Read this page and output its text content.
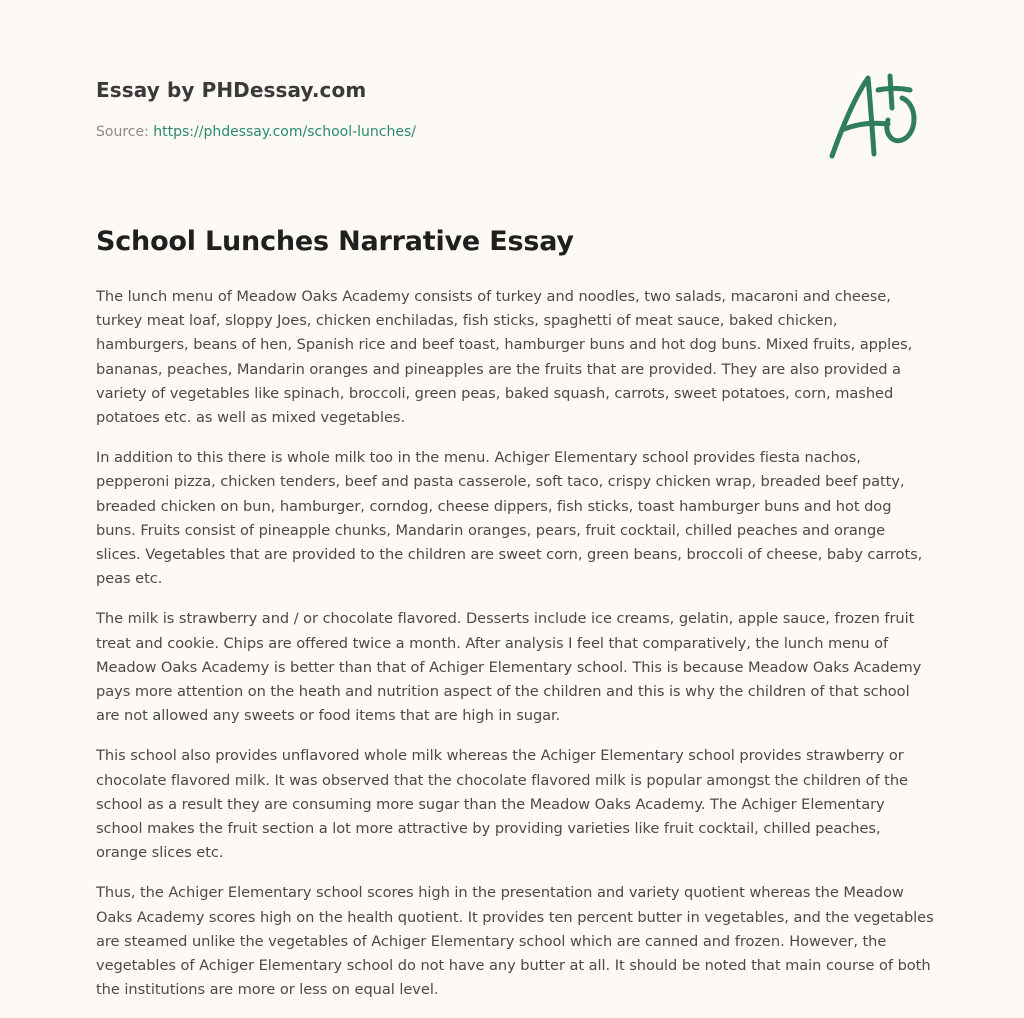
Essay by PHDessay.com
Source: https://phdessay.com/school-lunches/
School Lunches Narrative Essay

The lunch menu of Meadow Oaks Academy consists of turkey and noodles, two salads, macaroni and cheese, turkey meat loaf, sloppy Joes, chicken enchiladas, fish sticks, spaghetti of meat sauce, baked chicken, hamburgers, beans of hen, Spanish rice and beef toast, hamburger buns and hot dog buns. Mixed fruits, apples, bananas, peaches, Mandarin oranges and pineapples are the fruits that are provided. They are also provided a variety of vegetables like spinach, broccoli, green peas, baked squash, carrots, sweet potatoes, corn, mashed potatoes etc. as well as mixed vegetables.

In addition to this there is whole milk too in the menu. Achiger Elementary school provides fiesta nachos, pepperoni pizza, chicken tenders, beef and pasta casserole, soft taco, crispy chicken wrap, breaded beef patty, breaded chicken on bun, hamburger, corndog, cheese dippers, fish sticks, toast hamburger buns and hot dog buns. Fruits consist of pineapple chunks, Mandarin oranges, pears, fruit cocktail, chilled peaches and orange slices. Vegetables that are provided to the children are sweet corn, green beans, broccoli of cheese, baby carrots, peas etc.

The milk is strawberry and / or chocolate flavored. Desserts include ice creams, gelatin, apple sauce, frozen fruit treat and cookie. Chips are offered twice a month. After analysis I feel that comparatively, the lunch menu of Meadow Oaks Academy is better than that of Achiger Elementary school. This is because Meadow Oaks Academy pays more attention on the heath and nutrition aspect of the children and this is why the children of that school are not allowed any sweets or food items that are high in sugar.

This school also provides unflavored whole milk whereas the Achiger Elementary school provides strawberry or chocolate flavored milk. It was observed that the chocolate flavored milk is popular amongst the children of the school as a result they are consuming more sugar than the Meadow Oaks Academy. The Achiger Elementary school makes the fruit section a lot more attractive by providing varieties like fruit cocktail, chilled peaches, orange slices etc.

Thus, the Achiger Elementary school scores high in the presentation and variety quotient whereas the Meadow Oaks Academy scores high on the health quotient. It provides ten percent butter in vegetables, and the vegetables are steamed unlike the vegetables of Achiger Elementary school which are canned and frozen. However, the vegetables of Achiger Elementary school do not have any butter at all. It should be noted that main course of both the institutions are more or less on equal level.
